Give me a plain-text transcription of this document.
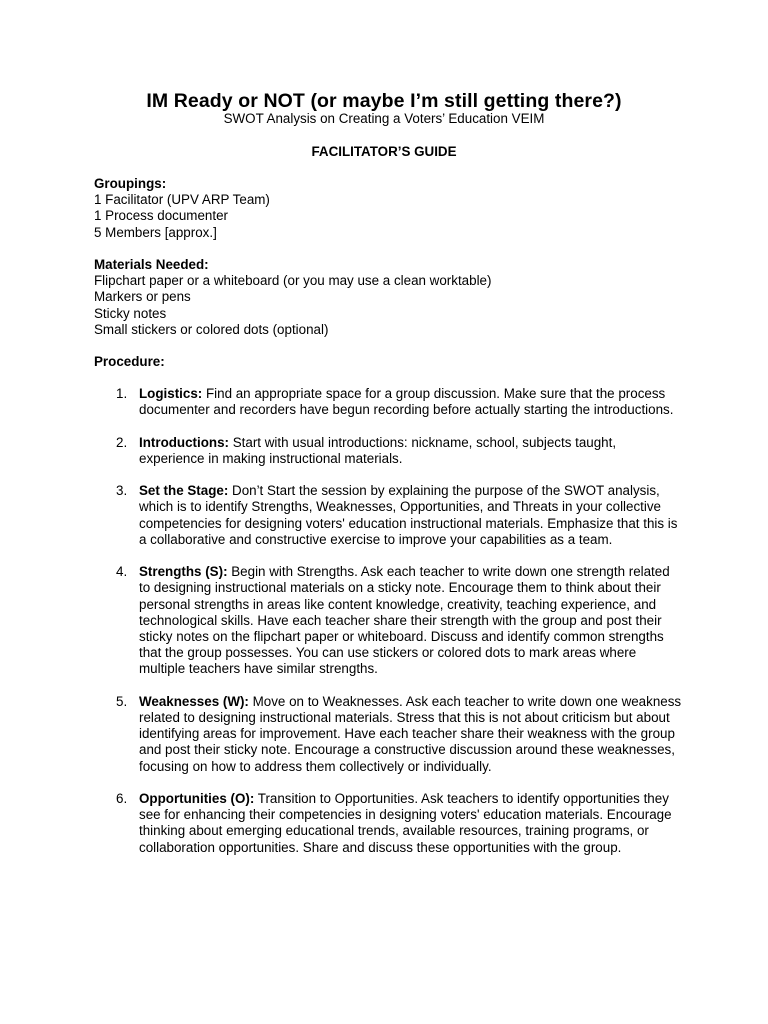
IM Ready or NOT (or maybe I’m still getting there?)
SWOT Analysis on Creating a Voters’ Education VEIM
FACILITATOR’S GUIDE
Groupings:
1 Facilitator (UPV ARP Team)
1 Process documenter
5 Members [approx.]
Materials Needed:
Flipchart paper or a whiteboard (or you may use a clean worktable)
Markers or pens
Sticky notes
Small stickers or colored dots (optional)
Procedure:
1. Logistics: Find an appropriate space for a group discussion. Make sure that the process documenter and recorders have begun recording before actually starting the introductions.
2. Introductions: Start with usual introductions: nickname, school, subjects taught, experience in making instructional materials.
3. Set the Stage: Don’t Start the session by explaining the purpose of the SWOT analysis, which is to identify Strengths, Weaknesses, Opportunities, and Threats in your collective competencies for designing voters' education instructional materials. Emphasize that this is a collaborative and constructive exercise to improve your capabilities as a team.
4. Strengths (S): Begin with Strengths. Ask each teacher to write down one strength related to designing instructional materials on a sticky note. Encourage them to think about their personal strengths in areas like content knowledge, creativity, teaching experience, and technological skills. Have each teacher share their strength with the group and post their sticky notes on the flipchart paper or whiteboard. Discuss and identify common strengths that the group possesses. You can use stickers or colored dots to mark areas where multiple teachers have similar strengths.
5. Weaknesses (W): Move on to Weaknesses. Ask each teacher to write down one weakness related to designing instructional materials. Stress that this is not about criticism but about identifying areas for improvement. Have each teacher share their weakness with the group and post their sticky note. Encourage a constructive discussion around these weaknesses, focusing on how to address them collectively or individually.
6. Opportunities (O): Transition to Opportunities. Ask teachers to identify opportunities they see for enhancing their competencies in designing voters' education materials. Encourage thinking about emerging educational trends, available resources, training programs, or collaboration opportunities. Share and discuss these opportunities with the group.
